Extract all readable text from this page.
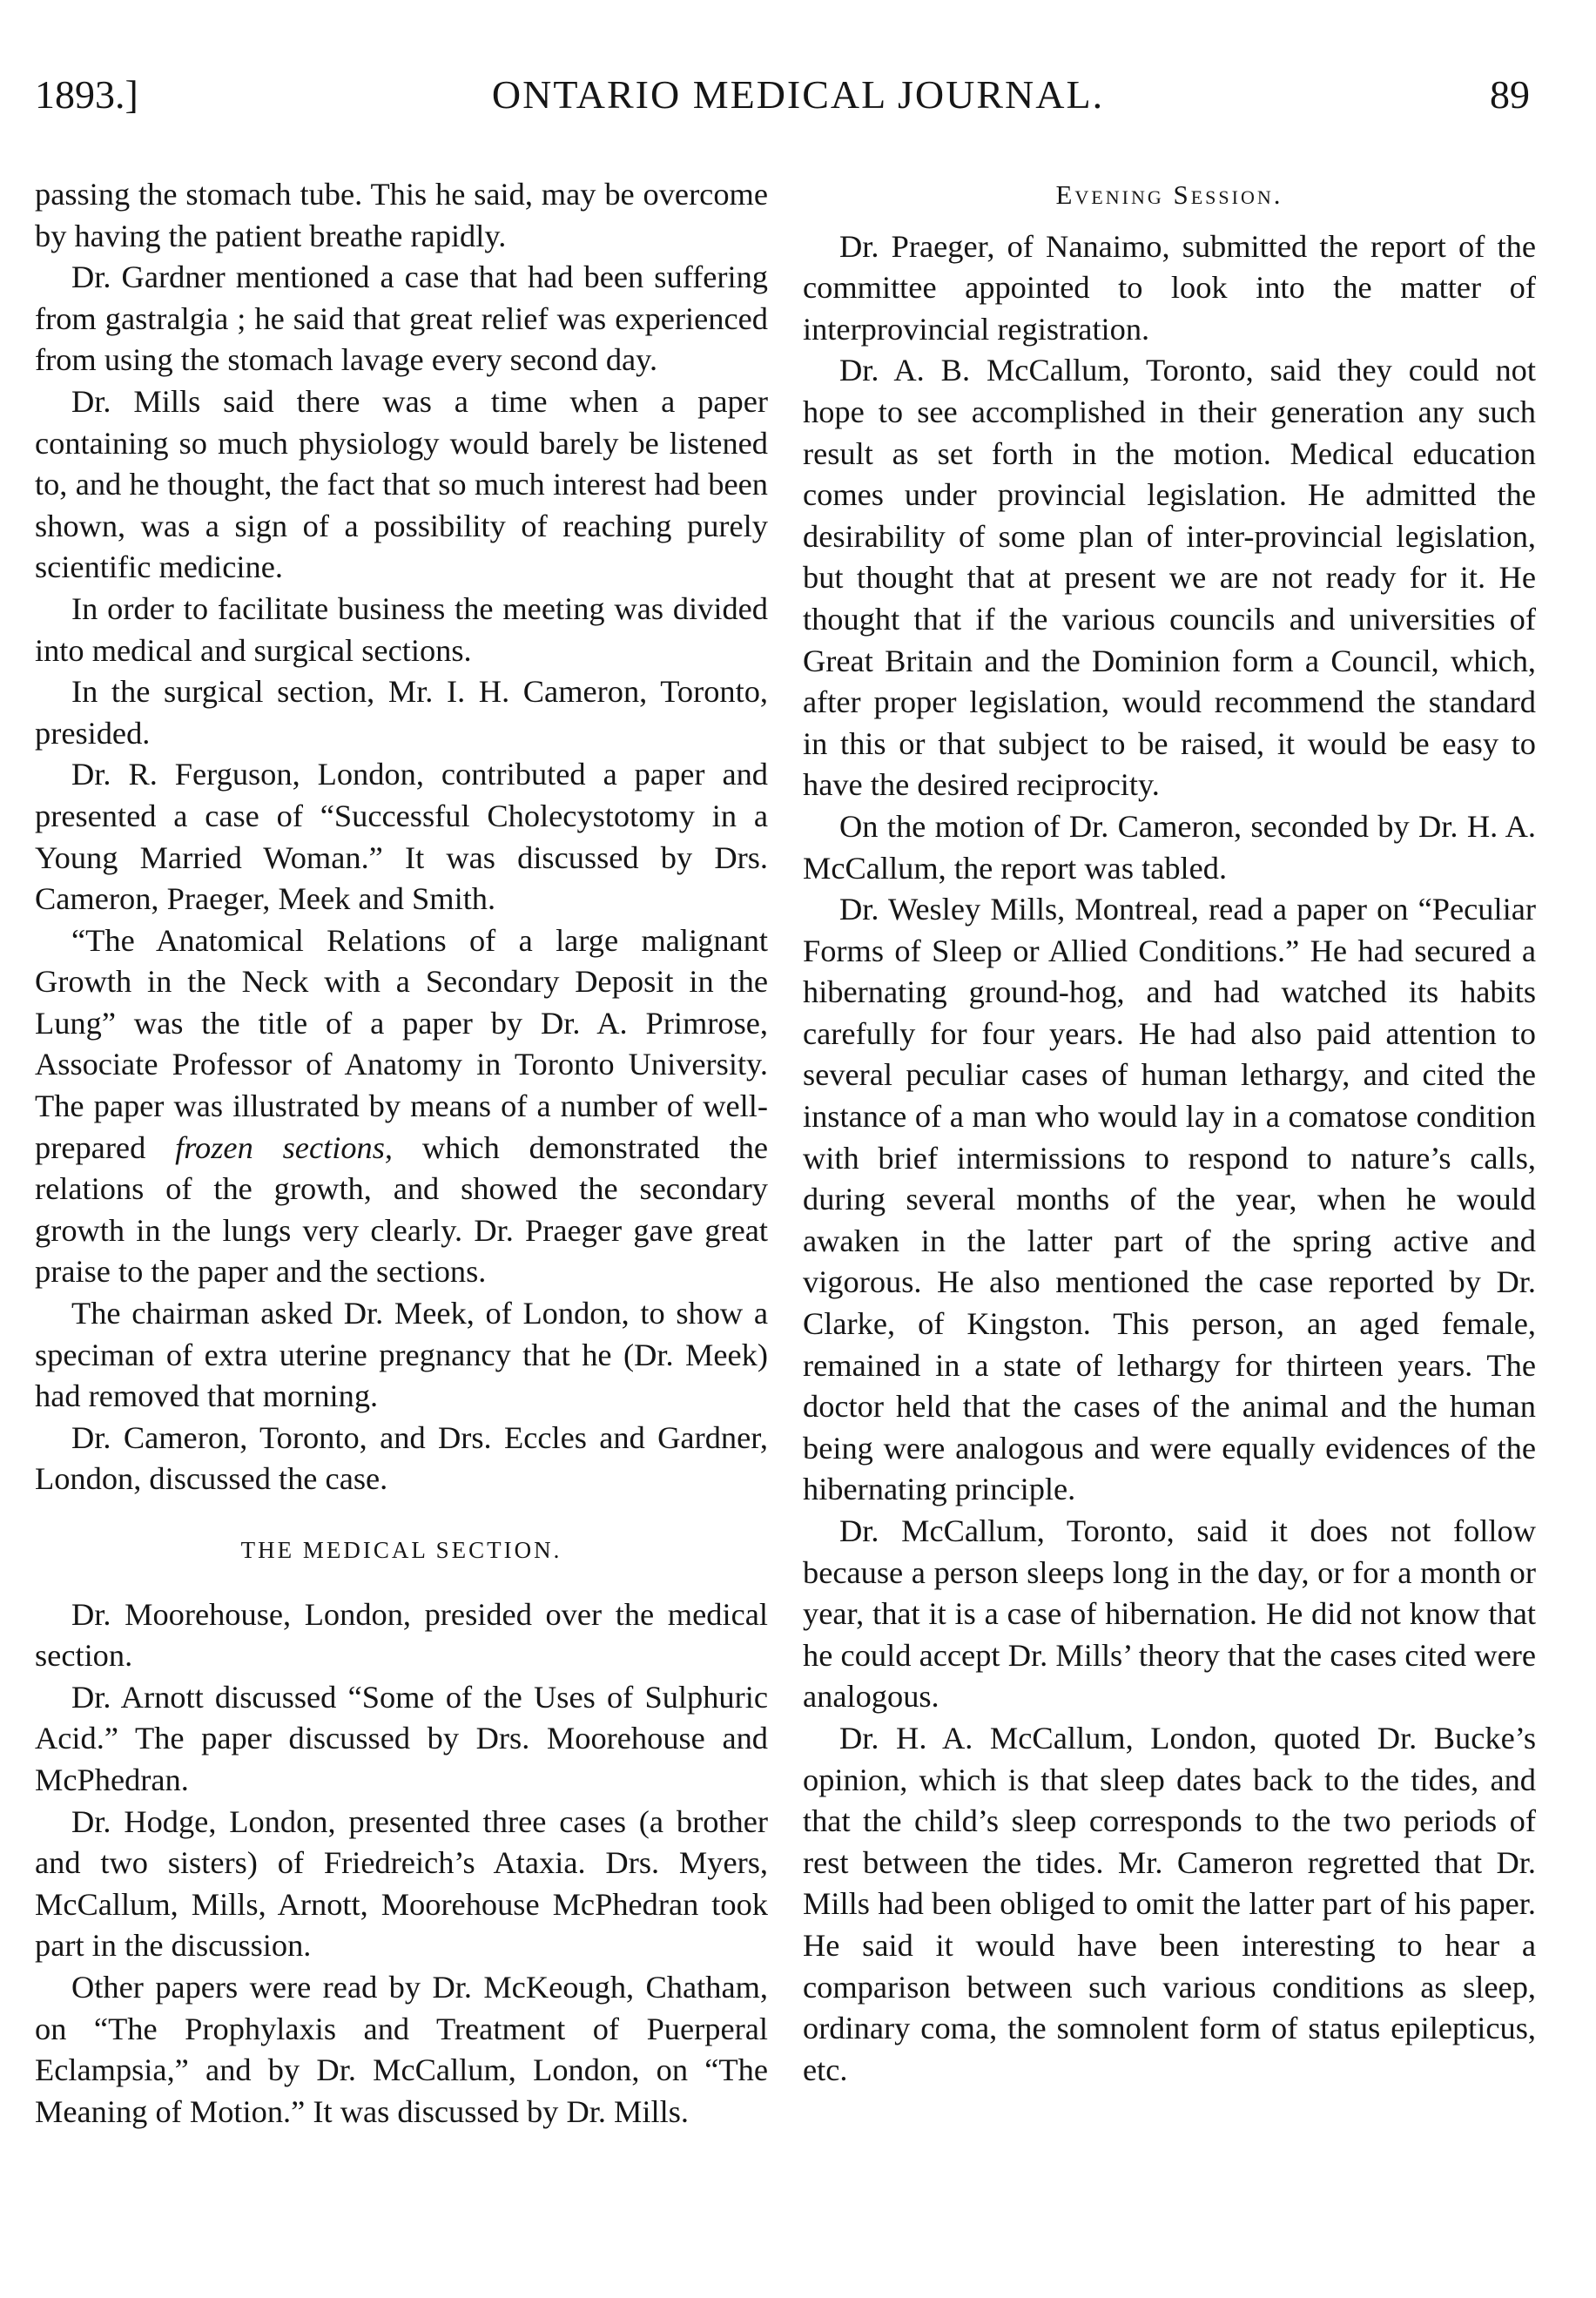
ONTARIO MEDICAL JOURNAL.
1893.]	89

passing the stomach tube. This he said, may be overcome by having the patient breathe rapidly.

Dr. Gardner mentioned a case that had been suffering from gastralgia ; he said that great relief was experienced from using the stomach lavage every second day.

Dr. Mills said there was a time when a paper containing so much physiology would barely be listened to, and he thought, the fact that so much interest had been shown, was a sign of a possibility of reaching purely scientific medicine.

In order to facilitate business the meeting was divided into medical and surgical sections.

In the surgical section, Mr. I. H. Cameron, Toronto, presided.

Dr. R. Ferguson, London, contributed a paper and presented a case of “Successful Cholecystotomy in a Young Married Woman.” It was discussed by Drs. Cameron, Praeger, Meek and Smith.

“The Anatomical Relations of a large malignant Growth in the Neck with a Secondary Deposit in the Lung” was the title of a paper by Dr. A. Primrose, Associate Professor of Anatomy in Toronto University. The paper was illustrated by means of a number of well-prepared frozen sections, which demonstrated the relations of the growth, and showed the secondary growth in the lungs very clearly. Dr. Praeger gave great praise to the paper and the sections.

The chairman asked Dr. Meek, of London, to show a speciman of extra uterine pregnancy that he (Dr. Meek) had removed that morning.

Dr. Cameron, Toronto, and Drs. Eccles and Gardner, London, discussed the case.

THE MEDICAL SECTION.

Dr. Moorehouse, London, presided over the medical section.

Dr. Arnott discussed “Some of the Uses of Sulphuric Acid.” The paper discussed by Drs. Moorehouse and McPhedran.

Dr. Hodge, London, presented three cases (a brother and two sisters) of Friedreich’s Ataxia. Drs. Myers, McCallum, Mills, Arnott, Moorehouse McPhedran took part in the discussion.

Other papers were read by Dr. McKeough, Chatham, on “The Prophylaxis and Treatment of Puerperal Eclampsia,” and by Dr. McCallum, London, on “The Meaning of Motion.” It was discussed by Dr. Mills.

Evening Session.

Dr. Praeger, of Nanaimo, submitted the report of the committee appointed to look into the matter of interprovincial registration.

Dr. A. B. McCallum, Toronto, said they could not hope to see accomplished in their generation any such result as set forth in the motion. Medical education comes under provincial legislation. He admitted the desirability of some plan of inter-provincial legislation, but thought that at present we are not ready for it. He thought that if the various councils and universities of Great Britain and the Dominion form a Council, which, after proper legislation, would recommend the standard in this or that subject to be raised, it would be easy to have the desired reciprocity.

On the motion of Dr. Cameron, seconded by Dr. H. A. McCallum, the report was tabled.

Dr. Wesley Mills, Montreal, read a paper on “Peculiar Forms of Sleep or Allied Conditions.” He had secured a hibernating ground-hog, and had watched its habits carefully for four years. He had also paid attention to several peculiar cases of human lethargy, and cited the instance of a man who would lay in a comatose condition with brief intermissions to respond to nature’s calls, during several months of the year, when he would awaken in the latter part of the spring active and vigorous. He also mentioned the case reported by Dr. Clarke, of Kingston. This person, an aged female, remained in a state of lethargy for thirteen years. The doctor held that the cases of the animal and the human being were analogous and were equally evidences of the hibernating principle.

Dr. McCallum, Toronto, said it does not follow because a person sleeps long in the day, or for a month or year, that it is a case of hibernation. He did not know that he could accept Dr. Mills’ theory that the cases cited were analogous.

Dr. H. A. McCallum, London, quoted Dr. Bucke’s opinion, which is that sleep dates back to the tides, and that the child’s sleep corresponds to the two periods of rest between the tides. Mr. Cameron regretted that Dr. Mills had been obliged to omit the latter part of his paper. He said it would have been interesting to hear a comparison between such various conditions as sleep, ordinary coma, the somnolent form of status epilepticus, etc.
